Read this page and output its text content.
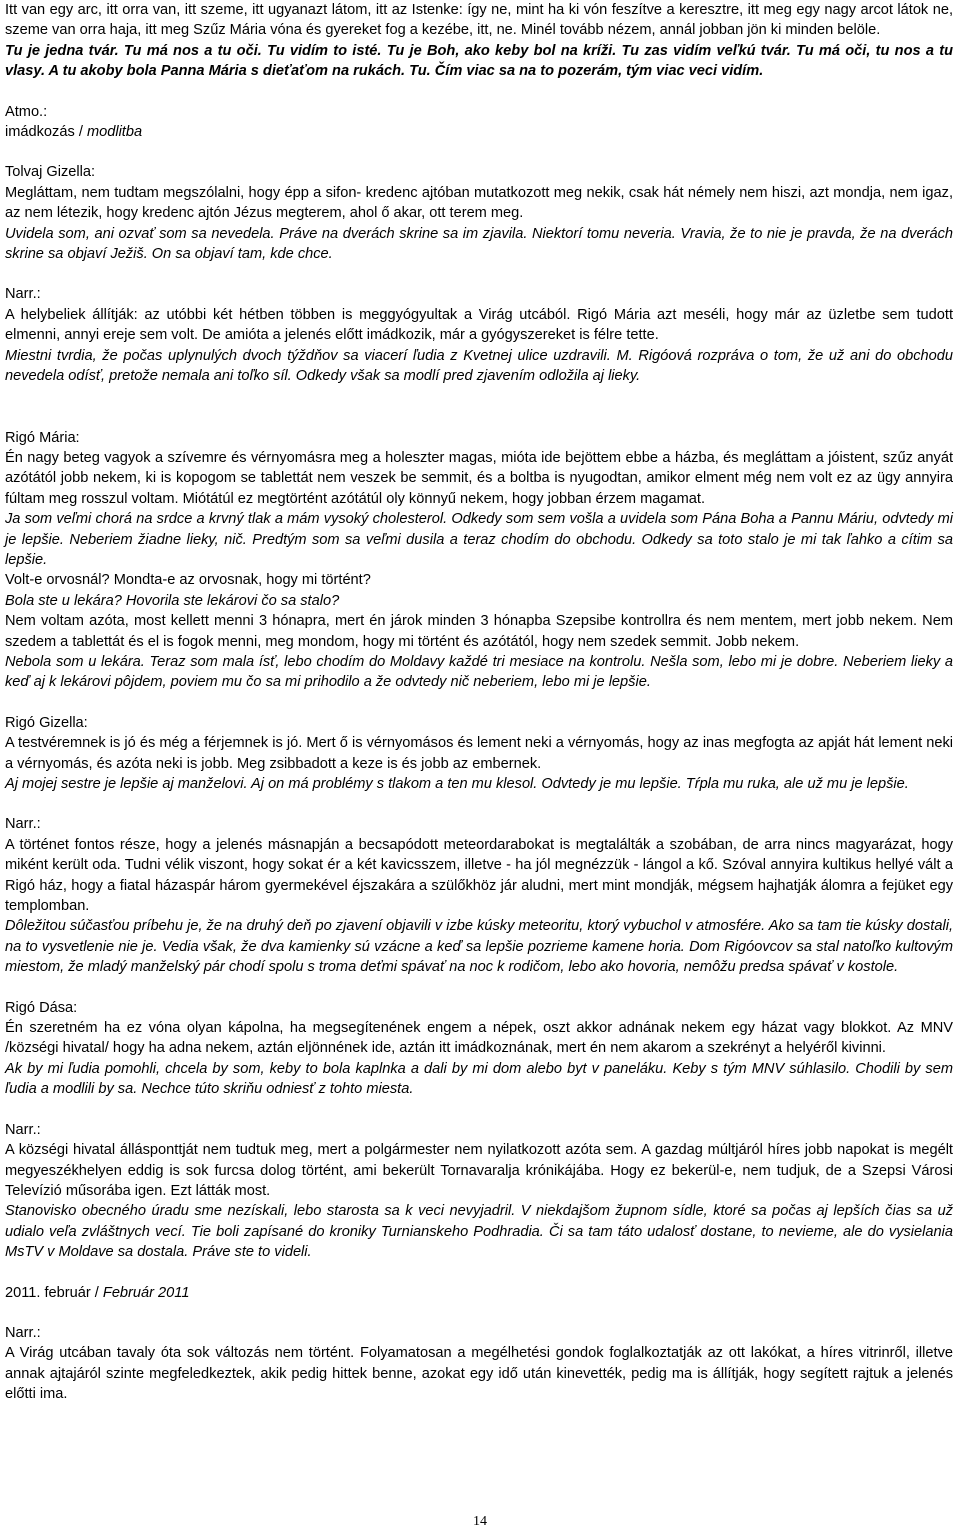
Itt van egy arc, itt orra van, itt szeme, itt ugyanazt látom, itt az Istenke: így ne, mint ha ki vón feszítve a keresztre, itt meg egy nagy arcot látok ne, szeme van orra haja, itt meg Szűz Mária vóna és gyereket fog a kezébe, itt, ne. Minél tovább nézem, annál jobban jön ki minden belöle.

Tu je jedna tvár. Tu má nos a tu oči. Tu vidím to isté. Tu je Boh, ako keby bol na kríži. Tu zas vidím veľkú tvár. Tu má oči, tu nos a tu vlasy. A tu akoby bola Panna Mária s dieťaťom na rukách. Tu. Čím viac sa na to pozerám, tým viac veci vidím.

Atmo.:

imádkozás / modlitba

Tolvaj Gizella:

Megláttam, nem tudtam megszólalni, hogy épp a sifon- kredenc ajtóban mutatkozott meg nekik, csak hát némely nem hiszi, azt mondja, nem igaz, az nem létezik, hogy kredenc ajtón Jézus megterem, ahol ő akar, ott terem meg.

Uvidela som, ani ozvať som sa nevedela. Práve na dverách skrine sa im zjavila. Niektorí tomu neveria. Vravia, že to nie je pravda, že na dverách skrine sa objaví Ježiš. On sa objaví tam, kde chce.

Narr.:

A helybeliek állítják: az utóbbi két hétben többen is meggyógyultak a Virág utcából. Rigó Mária azt meséli, hogy már az üzletbe sem tudott elmenni, annyi ereje sem volt. De amióta a jelenés előtt imádkozik, már a gyógyszereket is félre tette.

Miestni tvrdia, že počas uplynulých dvoch týždňov sa viacerí ľudia z Kvetnej ulice uzdravili. M. Rigóová rozpráva o tom, že už ani do obchodu nevedela odísť, pretože nemala ani toľko síl. Odkedy však sa modlí pred zjavením odložila aj lieky.

Rigó Mária:

Én nagy beteg vagyok a szívemre és vérnyomásra meg a holeszter magas, mióta ide bejöttem ebbe a házba, és megláttam a jóistent, szűz anyát azótától jobb nekem, ki is kopogom se tablettát nem veszek be semmit, és a boltba is nyugodtan, amikor elment még nem volt ez az ügy annyira fúltam meg rosszul voltam. Miótátúl ez megtörtént azótátúl oly könnyű nekem, hogy jobban érzem magamat.

Ja som veľmi chorá na srdce a krvný tlak a mám vysoký cholesterol. Odkedy som sem vošla a uvidela som Pána Boha a Pannu Máriu, odvtedy mi je lepšie. Neberiem žiadne lieky, nič. Predtým som sa veľmi dusila a teraz chodím do obchodu. Odkedy sa toto stalo je mi tak ľahko a cítim sa lepšie.

Volt-e orvosnál? Mondta-e az orvosnak, hogy mi történt?

Bola ste u lekára? Hovorila ste lekárovi čo sa stalo?

Nem voltam azóta, most kellett menni 3 hónapra, mert én járok minden 3 hónapba Szepsibe kontrollra és nem mentem, mert jobb nekem. Nem szedem a tablettát és el is fogok menni, meg mondom, hogy mi történt és azótától, hogy nem szedek semmit. Jobb nekem.

Nebola som u lekára. Teraz som mala ísť, lebo chodím do Moldavy každé tri mesiace na kontrolu. Nešla som, lebo mi je dobre. Neberiem lieky a keď aj k lekárovi pôjdem, poviem mu čo sa mi prihodilo a že odvtedy nič neberiem, lebo mi je lepšie.

Rigó Gizella:

A testvéremnek is jó és még a férjemnek is jó. Mert ő is vérnyomásos és lement neki a vérnyomás, hogy az inas megfogta az apját hát lement neki a vérnyomás, és azóta neki is jobb. Meg zsibbadott a keze is és jobb az embernek.

Aj mojej sestre je lepšie aj manželovi. Aj on má problémy s tlakom a ten mu klesol. Odvtedy je mu lepšie. Tŕpla mu ruka, ale už mu je lepšie.

Narr.:

A történet fontos része, hogy a jelenés másnapján a becsapódott meteordarabokat is megtalálták a szobában, de arra nincs magyarázat, hogy miként került oda. Tudni vélik viszont, hogy sokat ér a két kavicsszem, illetve - ha jól megnézzük - lángol a kő. Szóval annyira kultikus hellyé vált a Rigó ház, hogy a fiatal házaspár három gyermekével éjszakára a szülőkhöz jár aludni, mert mint mondják, mégsem hajhatják álomra a fejüket egy templomban.

Dôležitou súčasťou príbehu je, že na druhý deň po zjavení objavili v izbe kúsky meteoritu, ktorý vybuchol v atmosfére. Ako sa tam tie kúsky dostali, na to vysvetlenie nie je. Vedia však, že dva kamienky sú vzácne a keď sa lepšie pozrieme kamene horia. Dom Rigóovcov sa stal natoľko kultovým miestom, že mladý manželský pár chodí spolu s troma deťmi spávať na noc k rodičom, lebo ako hovoria, nemôžu predsa spávať v kostole.

Rigó Dása:

Én szeretném ha ez vóna olyan kápolna, ha megsegítenének engem a népek, oszt akkor adnának nekem egy házat vagy blokkot. Az MNV /községi hivatal/ hogy ha adna nekem, aztán eljönnének ide, aztán itt imádkoznának, mert én nem akarom a szekrényt a helyéről kivinni.

Ak by mi ľudia pomohli, chcela by som, keby to bola kaplnka a dali by mi dom alebo byt v paneláku. Keby s tým MNV súhlasilo. Chodili by sem ľudia a modlili by sa. Nechce túto skriňu odniesť z tohto miesta.

Narr.:

A községi hivatal állásponttját nem tudtuk meg, mert a polgármester nem nyilatkozott azóta sem. A gazdag múltjáról híres jobb napokat is megélt megyeszékhelyen eddig is sok furcsa dolog történt, ami bekerült Tornavaralja krónikájába. Hogy ez bekerül-e, nem tudjuk, de a Szepsi Városi Televízió műsorába igen. Ezt látták most.

Stanovisko obecného úradu sme nezískali, lebo starosta sa k veci nevyjadril. V niekdajšom župnom sídle, ktoré sa počas aj lepších čias sa už udialo veľa zvláštnych vecí. Tie boli zapísané do kroniky Turnianskeho Podhradia. Či sa tam táto udalosť dostane, to nevieme, ale do vysielania MsTV v Moldave sa dostala. Práve ste to videli.

2011. február / Február 2011

Narr.:

A Virág utcában tavaly óta sok változás nem történt. Folyamatosan a megélhetési gondok foglalkoztatják az ott lakókat, a híres vitrinről, illetve annak ajtajáról szinte megfeledkeztek, akik pedig hittek benne, azokat egy idő után kinevették, pedig ma is állítják, hogy segített rajtuk a jelenés előtti ima.

14
